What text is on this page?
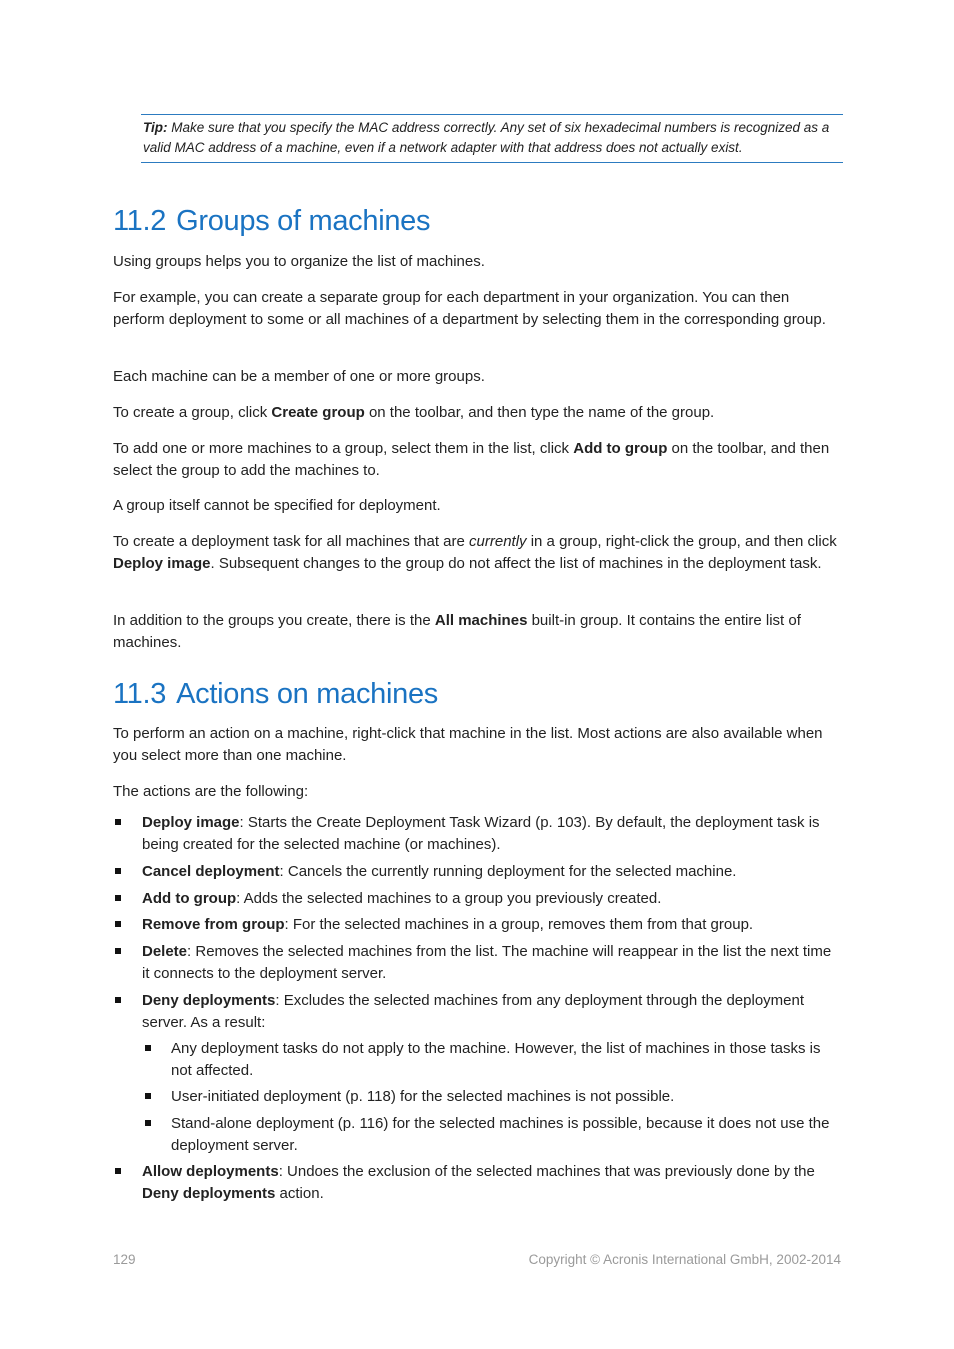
Tip: Make sure that you specify the MAC address correctly. Any set of six hexadecimal numbers is recognized as a valid MAC address of a machine, even if a network adapter with that address does not actually exist.
11.2 Groups of machines

Using groups helps you to organize the list of machines.

For example, you can create a separate group for each department in your organization. You can then perform deployment to some or all machines of a department by selecting them in the corresponding group.

Each machine can be a member of one or more groups.

To create a group, click Create group on the toolbar, and then type the name of the group.

To add one or more machines to a group, select them in the list, click Add to group on the toolbar, and then select the group to add the machines to.

A group itself cannot be specified for deployment.

To create a deployment task for all machines that are currently in a group, right-click the group, and then click Deploy image. Subsequent changes to the group do not affect the list of machines in the deployment task.

In addition to the groups you create, there is the All machines built-in group. It contains the entire list of machines.

11.3 Actions on machines

To perform an action on a machine, right-click that machine in the list. Most actions are also available when you select more than one machine.

The actions are the following:

Deploy image: Starts the Create Deployment Task Wizard (p. 103). By default, the deployment task is being created for the selected machine (or machines).
Cancel deployment: Cancels the currently running deployment for the selected machine.
Add to group: Adds the selected machines to a group you previously created.
Remove from group: For the selected machines in a group, removes them from that group.
Delete: Removes the selected machines from the list. The machine will reappear in the list the next time it connects to the deployment server.
Deny deployments: Excludes the selected machines from any deployment through the deployment server. As a result:
Any deployment tasks do not apply to the machine. However, the list of machines in those tasks is not affected.
User-initiated deployment (p. 118) for the selected machines is not possible.
Stand-alone deployment (p. 116) for the selected machines is possible, because it does not use the deployment server.
Allow deployments: Undoes the exclusion of the selected machines that was previously done by the Deny deployments action.
129	Copyright © Acronis International GmbH, 2002-2014
